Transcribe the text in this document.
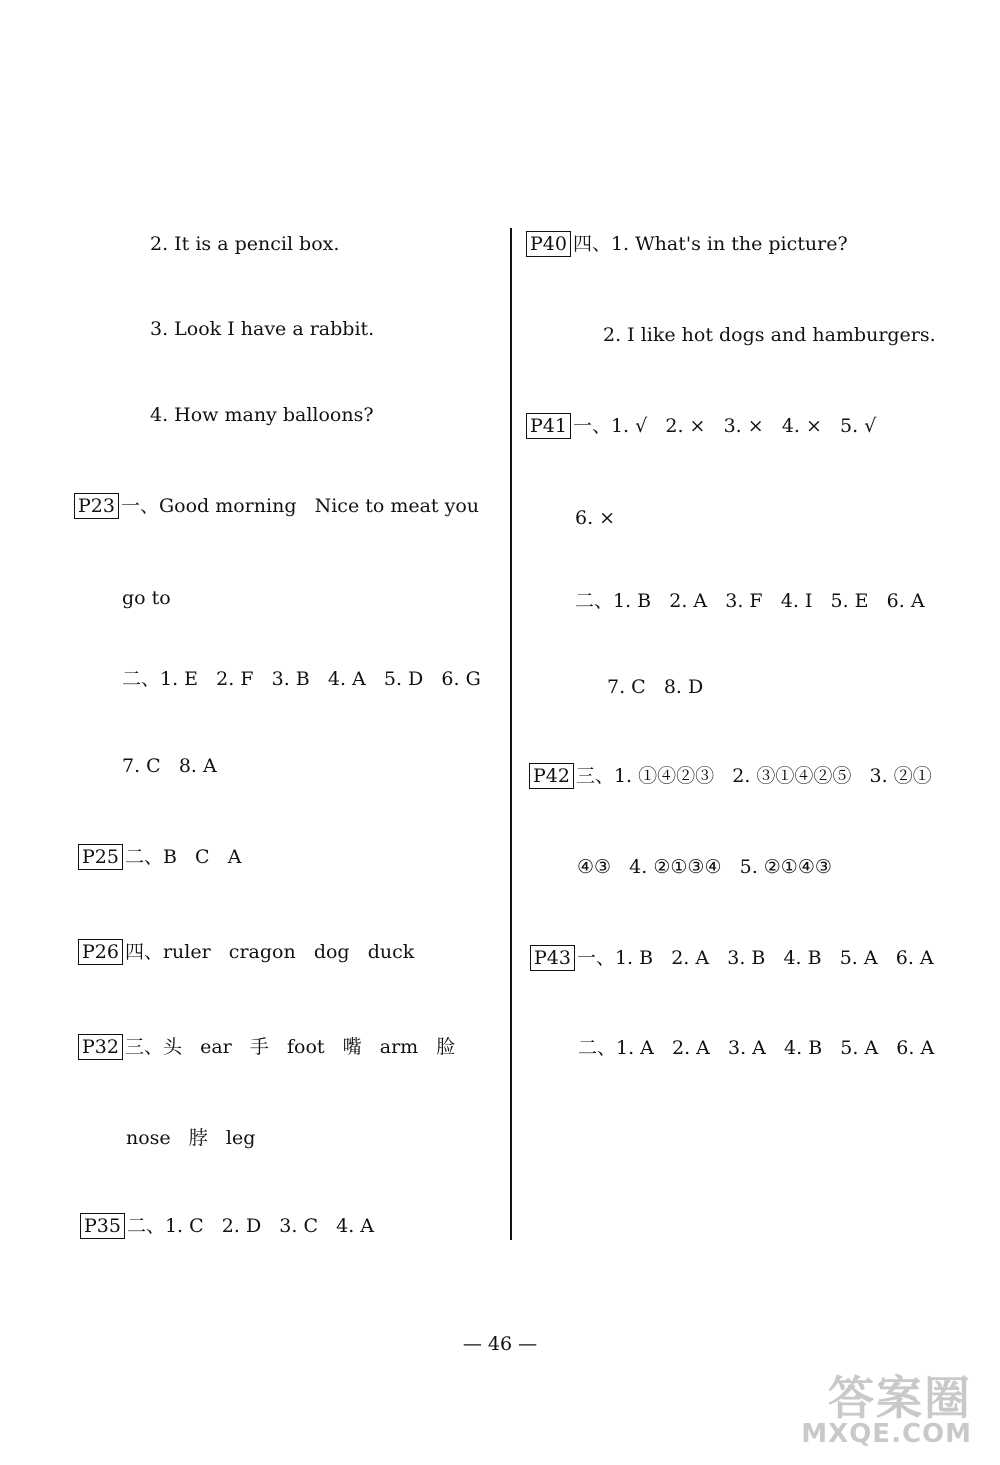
2. It is a pencil box.
3. Look I have a rabbit.
4. How many balloons?
P23 一、Good morning   Nice to meat you
go to
二、1. E   2. F   3. B   4. A   5. D   6. G
7. C   8. A
P25 二、B   C   A
P26 四、ruler   cragon   dog   duck
P32 三、头   ear   手   foot   嘴   arm   脸
nose   脖   leg
P35 二、1. C   2. D   3. C   4. A
P40 四、1. What's in the picture?
2. I like hot dogs and hamburgers.
P41 一、1. √   2. ×   3. ×   4. ×   5. √
6. ×
二、1. B   2. A   3. F   4. I   5. E   6. A
7. C   8. D
P42 三、1. ①④②③   2. ③①④②⑤   3. ②①
④③   4. ②①③④   5. ②①④③
P43 一、1. B   2. A   3. B   4. B   5. A   6. A
二、1. A   2. A   3. A   4. B   5. A   6. A
— 46 —
答案圈
MXQE.COM
